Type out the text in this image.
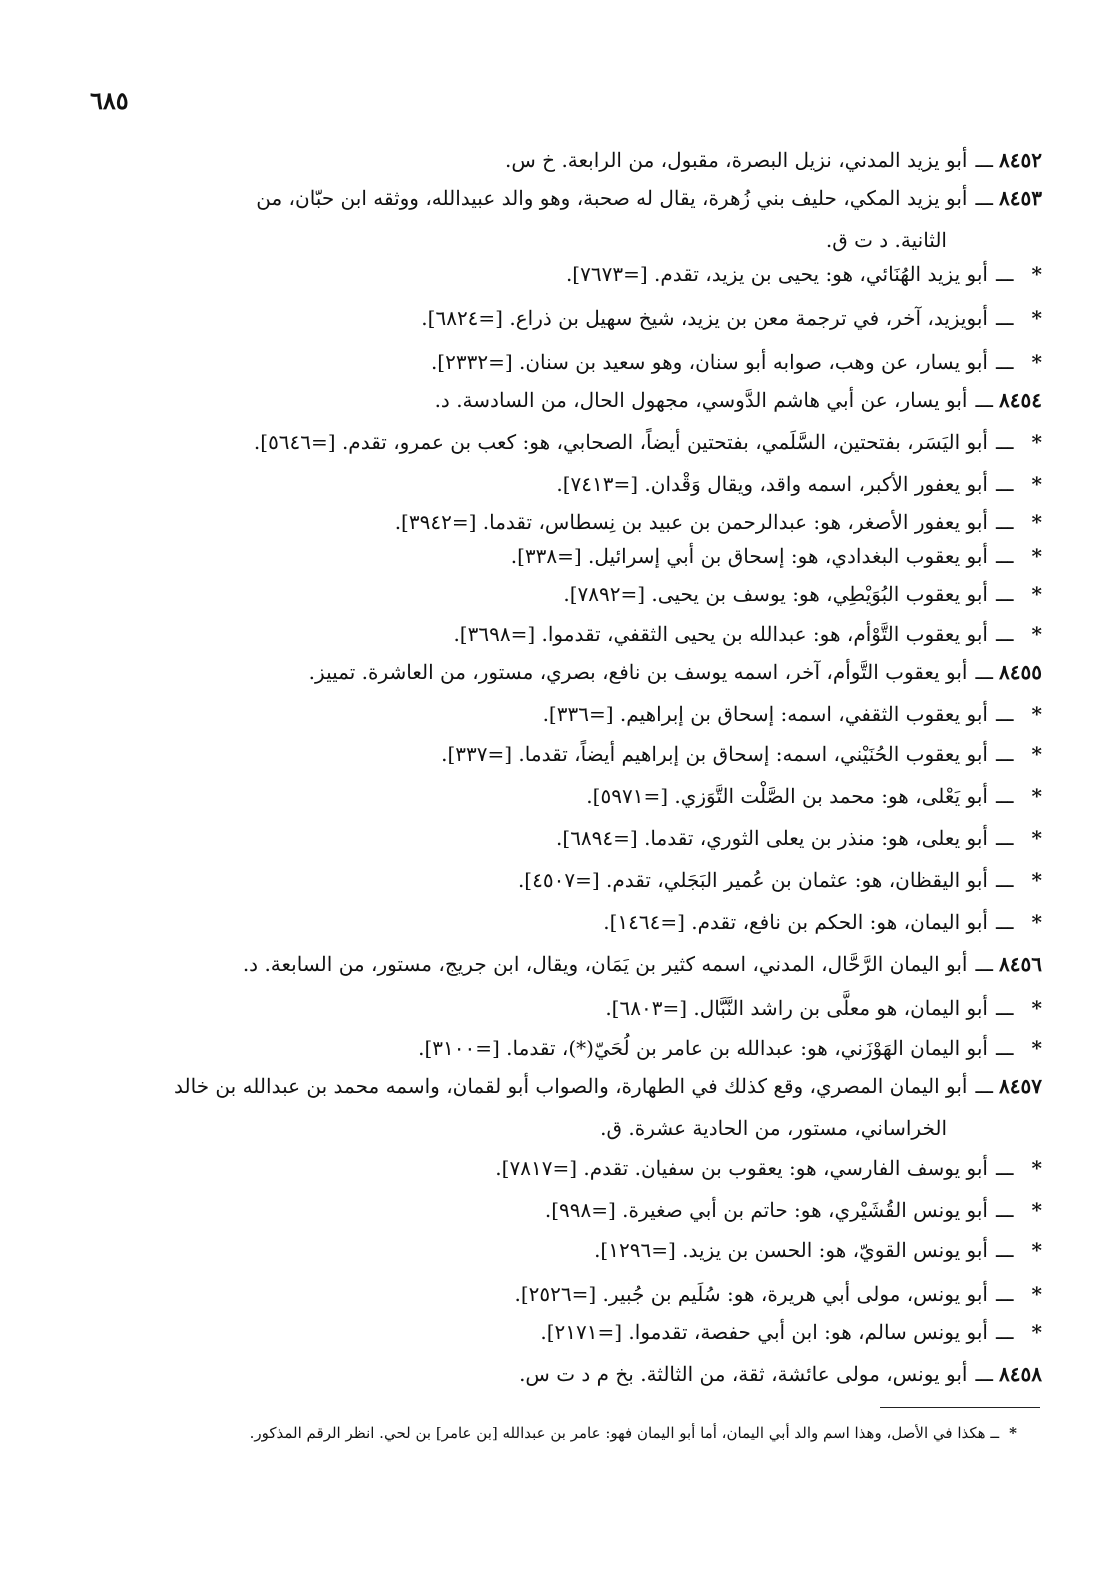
٦٨٥
٨٤٥٢ـــأبو يزيد المدني، نزيل البصرة، مقبول، من الرابعة. خ س.
٨٤٥٣ـــأبو يزيد المكي، حليف بني زُهرة، يقال له صحبة، وهو والد عبيدالله، ووثقه ابن حبّان، من
الثانية. د ت ق.
*ـــأبو يزيد الهُنَائي، هو: يحيى بن يزيد، تقدم. [=٧٦٧٣].
*ـــأبويزيد، آخر، في ترجمة معن بن يزيد، شيخ سهيل بن ذراع. [=٦٨٢٤].
*ـــأبو يسار، عن وهب، صوابه أبو سنان، وهو سعيد بن سنان. [=٢٣٣٢].
٨٤٥٤ـــأبو يسار، عن أبي هاشم الدَّوسي، مجهول الحال، من السادسة. د.
*ـــأبو اليَسَر، بفتحتين، السَّلَمي، بفتحتين أيضاً، الصحابي، هو: كعب بن عمرو، تقدم. [=٥٦٤٦].
*ـــأبو يعفور الأكبر، اسمه واقد، ويقال وَقْدان. [=٧٤١٣].
*ـــأبو يعفور الأصغر، هو: عبدالرحمن بن عبيد بن نِسطاس، تقدما. [=٣٩٤٢].
*ـــأبو يعقوب البغدادي، هو: إسحاق بن أبي إسرائيل. [=٣٣٨].
*ـــأبو يعقوب البُوَيْطِي، هو: يوسف بن يحيى. [=٧٨٩٢].
*ـــأبو يعقوب التَّوْأم، هو: عبدالله بن يحيى الثقفي، تقدموا. [=٣٦٩٨].
٨٤٥٥ـــأبو يعقوب التَّوأم، آخر، اسمه يوسف بن نافع، بصري، مستور، من العاشرة. تمييز.
*ـــأبو يعقوب الثقفي، اسمه: إسحاق بن إبراهيم. [=٣٣٦].
*ـــأبو يعقوب الحُنَيْني، اسمه: إسحاق بن إبراهيم أيضاً، تقدما. [=٣٣٧].
*ـــأبو يَعْلى، هو: محمد بن الصَّلْت التَّوَزي. [=٥٩٧١].
*ـــأبو يعلى، هو: منذر بن يعلى الثوري، تقدما. [=٦٨٩٤].
*ـــأبو اليقظان، هو: عثمان بن عُمير البَجَلي، تقدم. [=٤٥٠٧].
*ـــأبو اليمان، هو: الحكم بن نافع، تقدم. [=١٤٦٤].
٨٤٥٦ـــأبو اليمان الرَّحَّال، المدني، اسمه كثير بن يَمَان، ويقال، ابن جريج، مستور، من السابعة. د.
*ـــأبو اليمان، هو معلَّى بن راشد النَّبَّال. [=٦٨٠٣].
*ـــأبو اليمان الهَوْزَني، هو: عبدالله بن عامر بن لُحَيّ(*)، تقدما. [=٣١٠٠].
٨٤٥٧ـــأبو اليمان المصري، وقع كذلك في الطهارة، والصواب أبو لقمان، واسمه محمد بن عبدالله بن خالد
الخراساني، مستور، من الحادية عشرة. ق.
*ـــأبو يوسف الفارسي، هو: يعقوب بن سفيان. تقدم. [=٧٨١٧].
*ـــأبو يونس القُشَيْري، هو: حاتم بن أبي صغيرة. [=٩٩٨].
*ـــأبو يونس القويّ، هو: الحسن بن يزيد. [=١٢٩٦].
*ـــأبو يونس، مولى أبي هريرة، هو: سُلَيم بن جُبير. [=٢٥٢٦].
*ـــأبو يونس سالم، هو: ابن أبي حفصة، تقدموا. [=٢١٧١].
٨٤٥٨ـــأبو يونس، مولى عائشة، ثقة، من الثالثة. بخ م د ت س.
*ــ هكذا في الأصل، وهذا اسم والد أبي اليمان، أما أبو اليمان فهو: عامر بن عبدالله [بن عامر] بن لحي. انظر الرقم المذكور.
